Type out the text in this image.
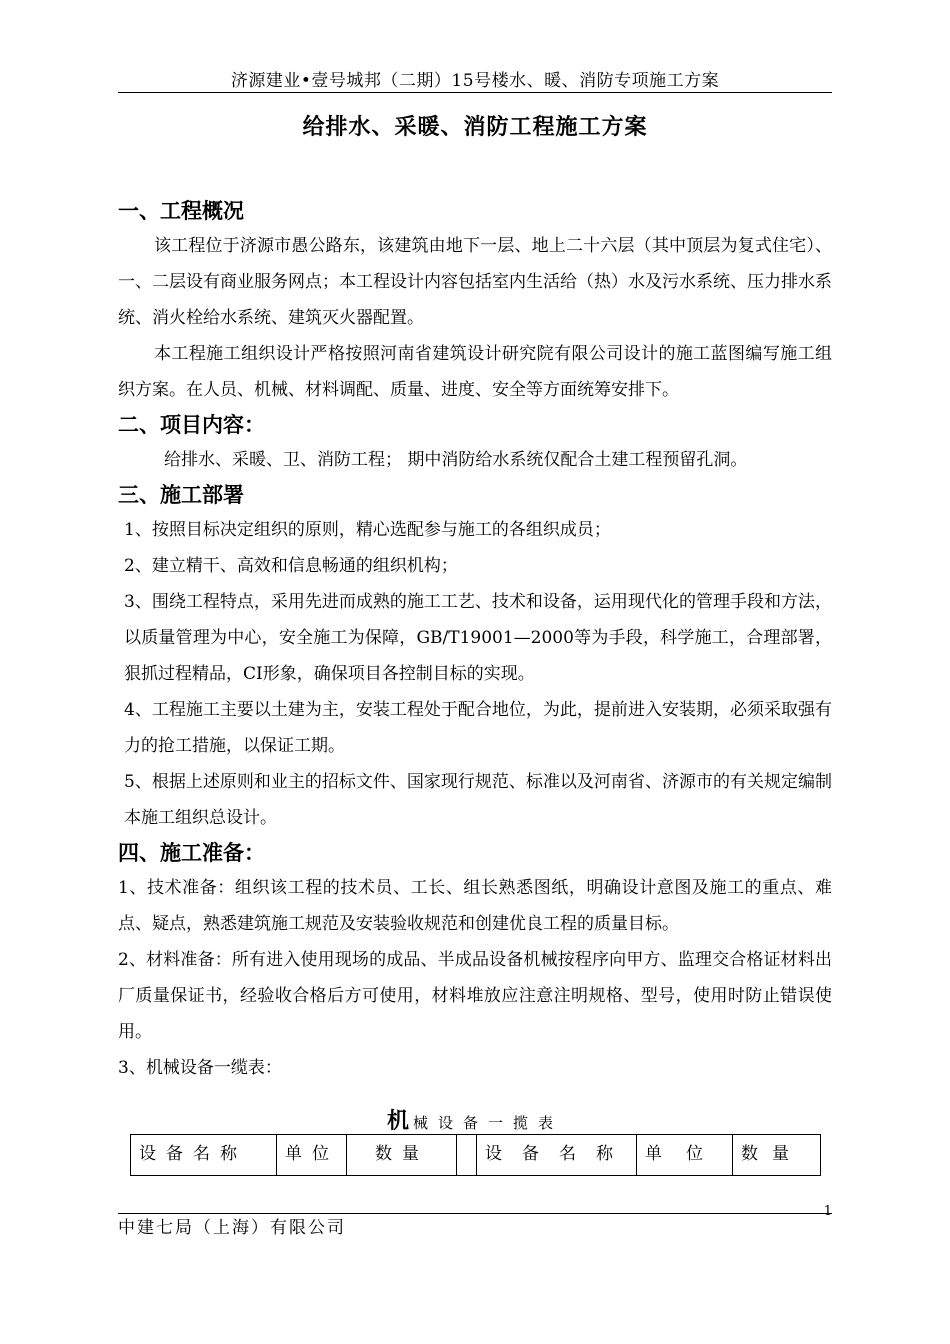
济源建业•壹号城邦（二期）15号楼水、暖、消防专项施工方案
给排水、采暖、消防工程施工方案
一、工程概况
该工程位于济源市愚公路东，该建筑由地下一层、地上二十六层（其中顶层为复式住宅）、一、二层设有商业服务网点；本工程设计内容包括室内生活给（热）水及污水系统、压力排水系统、消火栓给水系统、建筑灭火器配置。
本工程施工组织设计严格按照河南省建筑设计研究院有限公司设计的施工蓝图编写施工组织方案。在人员、机械、材料调配、质量、进度、安全等方面统筹安排下。
二、项目内容：
给排水、采暖、卫、消防工程； 期中消防给水系统仅配合土建工程预留孔洞。
三、施工部署
1、按照目标决定组织的原则，精心选配参与施工的各组织成员；
2、建立精干、高效和信息畅通的组织机构；
3、围绕工程特点，采用先进而成熟的施工工艺、技术和设备，运用现代化的管理手段和方法，以质量管理为中心，安全施工为保障，GB/T19001—2000等为手段，科学施工，合理部署，狠抓过程精品，CI形象，确保项目各控制目标的实现。
4、工程施工主要以土建为主，安装工程处于配合地位，为此，提前进入安装期，必须采取强有力的抢工措施，以保证工期。
5、根据上述原则和业主的招标文件、国家现行规范、标准以及河南省、济源市的有关规定编制本施工组织总设计。
四、施工准备：
1、技术准备：组织该工程的技术员、工长、组长熟悉图纸，明确设计意图及施工的重点、难点、疑点，熟悉建筑施工规范及安装验收规范和创建优良工程的质量目标。
2、材料准备：所有进入使用现场的成品、半成品设备机械按程序向甲方、监理交合格证材料出厂质量保证书，经验收合格后方可使用，材料堆放应注意注明规格、型号，使用时防止错误使用。
3、机械设备一缆表：
机械设备一揽表
设备名称	单位	数量		设备名称	单位	数量
1
中建七局（上海）有限公司
